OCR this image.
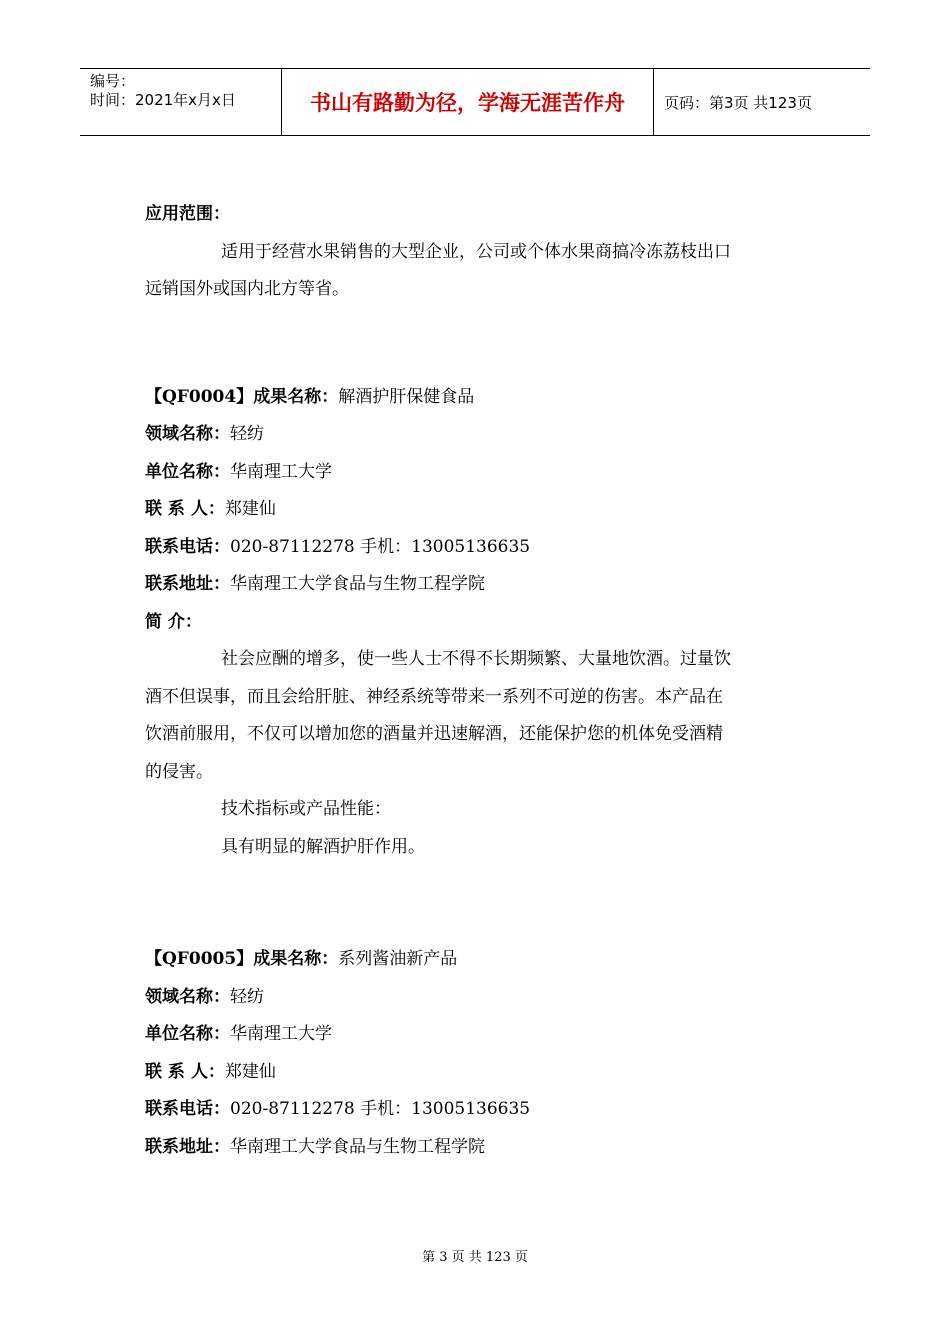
编号：
时间：2021年x月x日	书山有路勤为径，学海无涯苦作舟	页码：第3页 共123页
应用范围：
适用于经营水果销售的大型企业，公司或个体水果商搞冷冻荔枝出口
远销国外或国内北方等省。
【QF0004】成果名称：解酒护肝保健食品
领域名称：轻纺
单位名称：华南理工大学
联 系 人：郑建仙
联系电话：020-87112278 手机：13005136635
联系地址：华南理工大学食品与生物工程学院
简 介：
社会应酬的增多，使一些人士不得不长期频繁、大量地饮酒。过量饮
酒不但误事，而且会给肝脏、神经系统等带来一系列不可逆的伤害。本产品在
饮酒前服用，不仅可以增加您的酒量并迅速解酒，还能保护您的机体免受酒精
的侵害。
技术指标或产品性能：
具有明显的解酒护肝作用。
【QF0005】成果名称：系列酱油新产品
领域名称：轻纺
单位名称：华南理工大学
联 系 人：郑建仙
联系电话：020-87112278 手机：13005136635
联系地址：华南理工大学食品与生物工程学院
第 3 页 共 123 页
